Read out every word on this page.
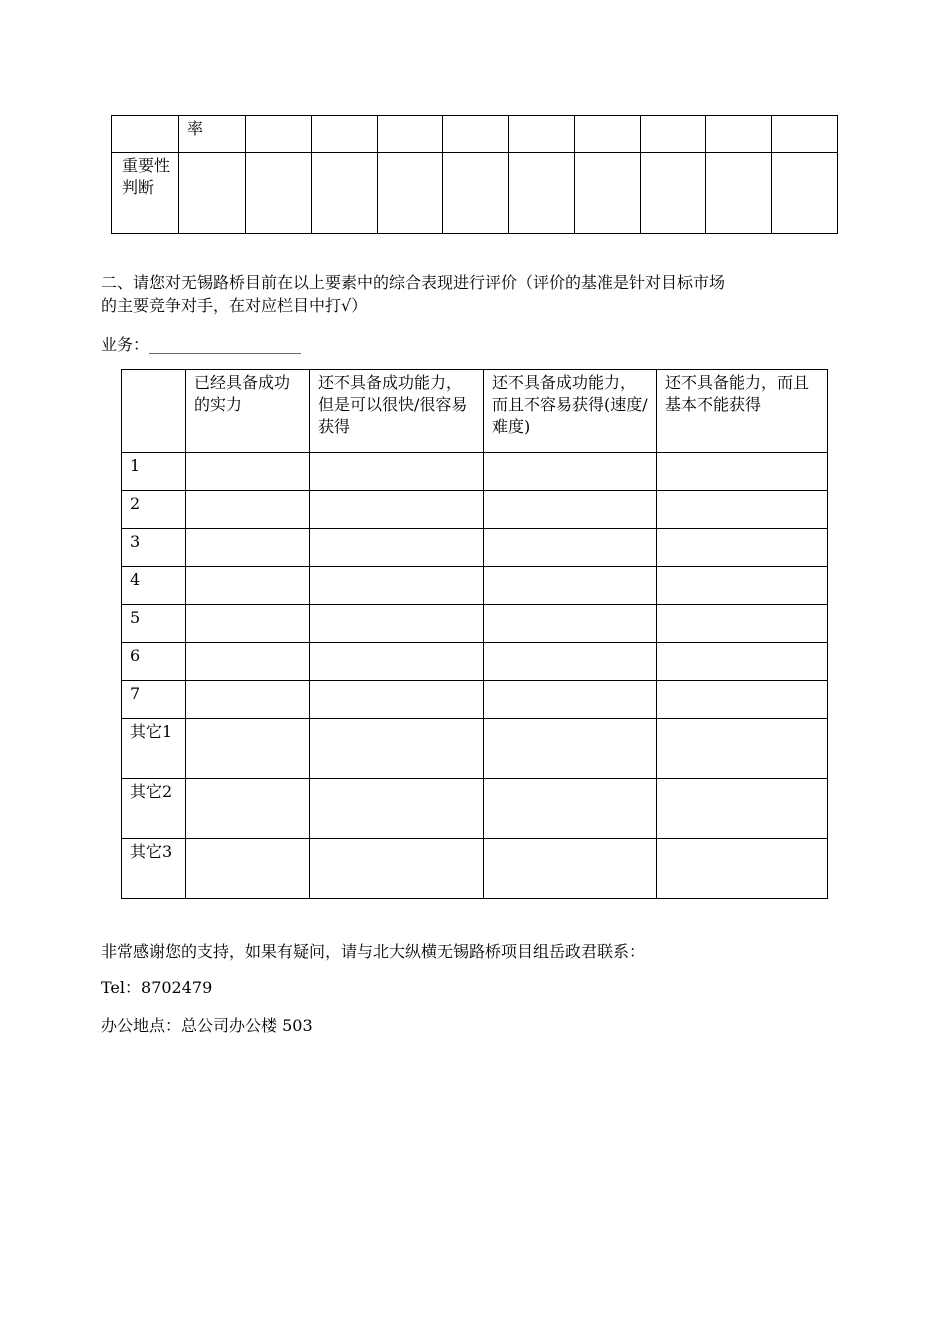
	率									
重要性判断										
二、请您对无锡路桥目前在以上要素中的综合表现进行评价（评价的基准是针对目标市场
的主要竞争对手，在对应栏目中打√）
业务：___________________
	已经具备成功的实力	还不具备成功能力，但是可以很快/很容易获得	还不具备成功能力，而且不容易获得(速度/难度)	还不具备能力，而且基本不能获得
1				
2				
3				
4				
5				
6				
7				
其它1				
其它2				
其它3				
非常感谢您的支持，如果有疑问，请与北大纵横无锡路桥项目组岳政君联系：
Tel：8702479
办公地点：总公司办公楼 503
